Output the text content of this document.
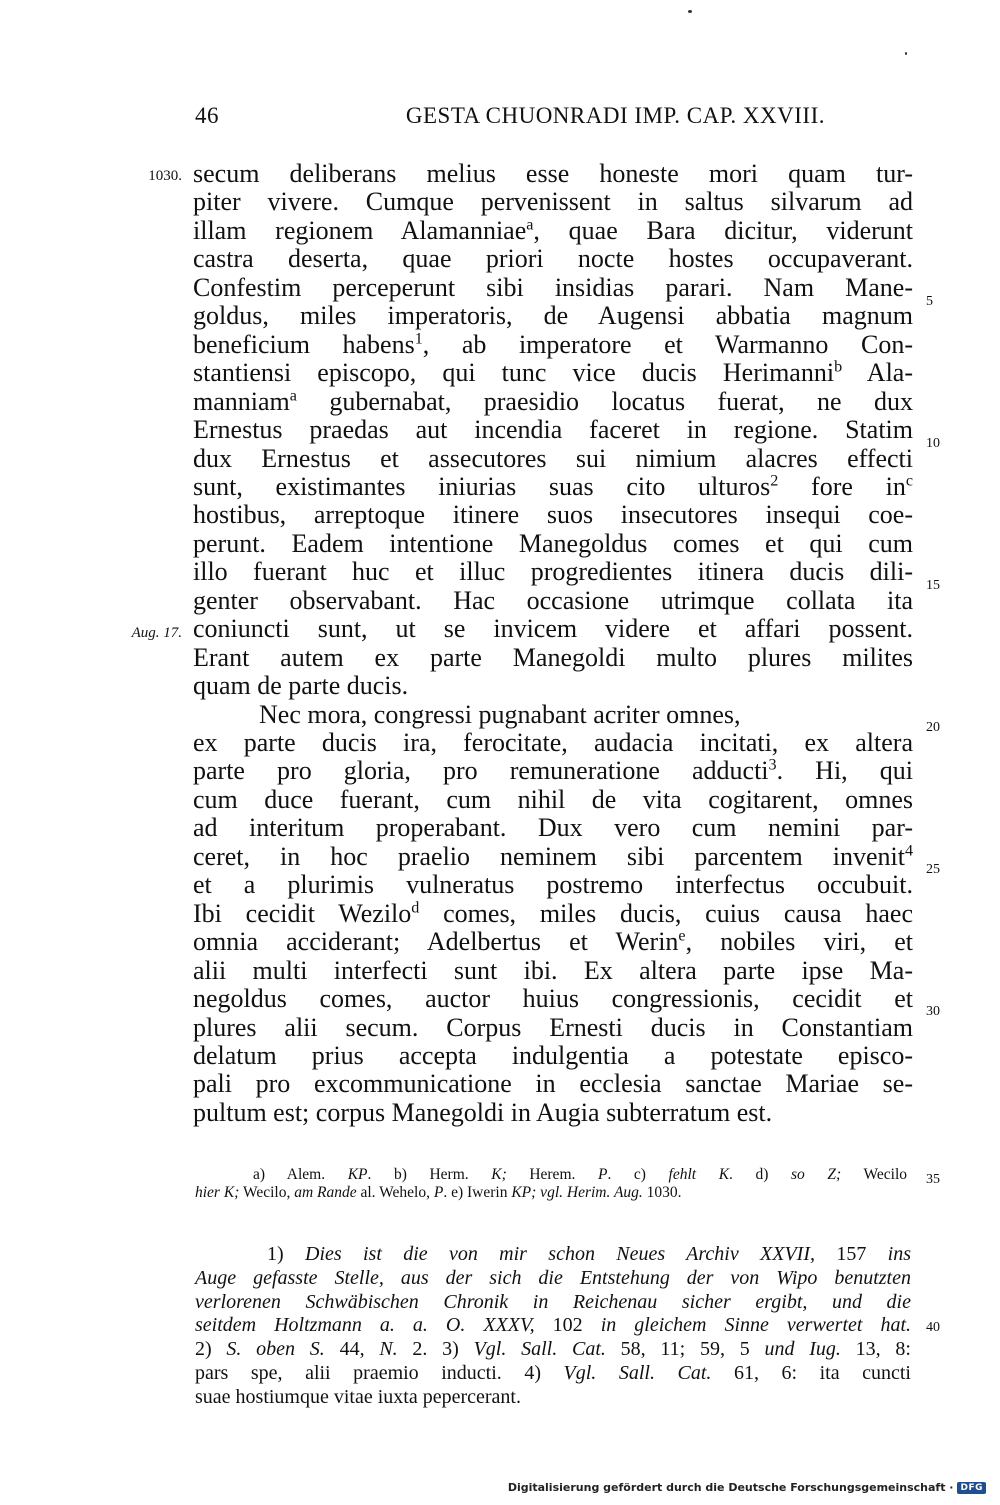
46	GESTA CHUONRADI IMP. CAP. XXVIII.
1030.
Aug. 17.
secum deliberans melius esse honeste mori quam tur-
piter vivere. Cumque pervenissent in saltus silvarum ad
illam regionem Alamanniae$^a$, quae Bara dicitur, viderunt
castra deserta, quae priori nocte hostes occupaverant.
Confestim perceperunt sibi insidias parari. Nam Mane-
goldus, miles imperatoris, de Augensi abbatia magnum
beneficium habens$^1$, ab imperatore et Warmanno Con-
stantiensi episcopo, qui tunc vice ducis Herimanni$^b$ Ala-
manniam$^a$ gubernabat, praesidio locatus fuerat, ne dux
Ernestus praedas aut incendia faceret in regione. Statim
dux Ernestus et assecutores sui nimium alacres effecti
sunt, existimantes iniurias suas cito ulturos$^2$ fore $in^c$
hostibus, arreptoque itinere suos insecutores insequi coe-
perunt. Eadem intentione Manegoldus comes et qui cum
illo fuerant huc et illuc progredientes itinera ducis dili-
genter observabant. Hac occasione utrimque collata ita
coniuncti sunt, ut se invicem videre et affari possent.
Erant autem ex parte Manegoldi multo plures milites
quam de parte ducis.
Nec mora, congressi pugnabant acriter omnes,
ex parte ducis ira, ferocitate, audacia incitati, ex altera
parte pro gloria, pro remuneratione adducti$^3$. Hi, qui
cum duce fuerant, cum nihil de vita cogitarent, omnes
ad interitum properabant. Dux vero cum nemini par-
ceret, in hoc praelio neminem sibi parcentem invenit$^4$
et a plurimis vulneratus postremo interfectus occubuit.
Ibi cecidit Wezilo$^d$ comes, miles ducis, cuius causa haec
omnia acciderant; Adelbertus et Werin$^e$, nobiles viri, et
alii multi interfecti sunt ibi. Ex altera parte ipse Ma-
negoldus comes, auctor huius congressionis, cecidit et
plures alii secum. Corpus Ernesti ducis in Constantiam
delatum prius accepta indulgentia a potestate episco-
pali pro excommunicatione in ecclesia sanctae Mariae se-
pultum est; corpus Manegoldi in Augia subterratum est.
5
10
15
20
25
30
a) Alem. KP. b) Herm. K; Herem. P. c) fehlt K. d) so Z; Wecilo
hier K; Wecilo, am Rande al. Wehelo, P. e) Iwerin KP; vgl. Herim. Aug. 1030.
35
1) Dies ist die von mir schon Neues Archiv XXVII, 157 ins
Auge gefasste Stelle, aus der sich die Entstehung der von Wipo benutzten
verlorenen Schwäbischen Chronik in Reichenau sicher ergibt, und die
seitdem Holtzmann a. a. O. XXXV, 102 in gleichem Sinne verwertet hat.
2) S. oben S. 44, N. 2. 3) Vgl. Sall. Cat. 58, 11; 59, 5 und Iug. 13, 8:
pars spe, alii praemio inducti. 4) Vgl. Sall. Cat. 61, 6: ita cuncti
suae hostiumque vitae iuxta pepercerant.
40
Digitalisierung gefördert durch die Deutsche Forschungsgemeinschaft · DFG
